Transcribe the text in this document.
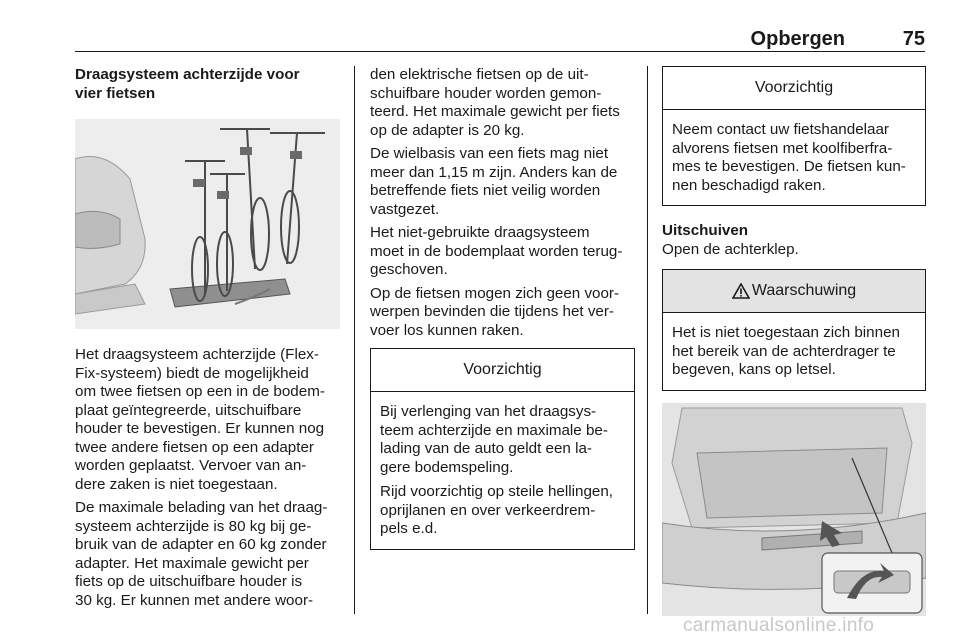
Opbergen	75
Draagsysteem achterzijde voor
vier fietsen
Het draagsysteem achterzijde (Flex-
Fix-systeem) biedt de mogelijkheid
om twee fietsen op een in de bodem-
plaat geïntegreerde, uitschuifbare
houder te bevestigen. Er kunnen nog
twee andere fietsen op een adapter
worden geplaatst. Vervoer van an-
dere zaken is niet toegestaan.
De maximale belading van het draag-
systeem achterzijde is 80 kg bij ge-
bruik van de adapter en 60 kg zonder
adapter. Het maximale gewicht per
fiets op de uitschuifbare houder is
30 kg. Er kunnen met andere woor-
den elektrische fietsen op de uit-
schuifbare houder worden gemon-
teerd. Het maximale gewicht per fiets
op de adapter is 20 kg.
De wielbasis van een fiets mag niet
meer dan 1,15 m zijn. Anders kan de
betreffende fiets niet veilig worden
vastgezet.
Het niet-gebruikte draagsysteem
moet in de bodemplaat worden terug-
geschoven.
Op de fietsen mogen zich geen voor-
werpen bevinden die tijdens het ver-
voer los kunnen raken.
Voorzichtig
Bij verlenging van het draagsys-
teem achterzijde en maximale be-
lading van de auto geldt een la-
gere bodemspeling.
Rijd voorzichtig op steile hellingen,
oprijlanen en over verkeerdrem-
pels e.d.
Voorzichtig
Neem contact uw fietshandelaar
alvorens fietsen met koolfiberfra-
mes te bevestigen. De fietsen kun-
nen beschadigd raken.
Uitschuiven
Open de achterklep.
Waarschuwing
Het is niet toegestaan zich binnen
het bereik van de achterdrager te
begeven, kans op letsel.
carmanualsonline.info
